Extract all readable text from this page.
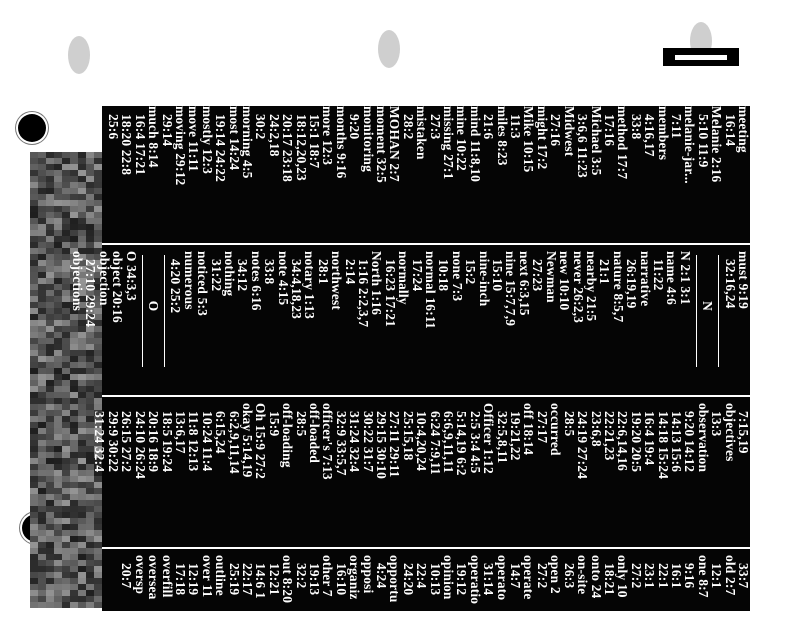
meeting
16:14
Melanie 2:16
5:10 11:9
melanie-jar...
7:11
members
4:16,17
33:8
method 17:7
17:16
Michael 3:5
3:6,6 11:23
Midwest
27:16
might 17:2
Mike 10:15
11:3
miles 8:23
21:6
mind 11:8,10
mine 10:22
missing 27:1
27:3
mistaken
28:2
MOHAN 2:7
moment 32:5
monitoring
9:20
months 9:16
more 12:3
15:1 18:7
18:12,20,23
20:17 23:18
24:2,18
30:2
morning 4:5
most 14:24
19:14 24:22
mostly 12:3
move 11:11
moving 29:12
29:14
much 8:14
16:4 17:21
18:20 22:8
25:6
must 9:19
32:16,24
N
N 2:1 3:1
name 4:6
11:22
narrative
26:19,19
nature 8:5,7
21:1
nearby 21:5
never 26:2,3
new 10:10
Newman
27:23
next 6:3,15
nine 15:7,7,9
15:10
nine-inch
15:2
none 7:3
10:18
normal 16:11
17:24
normally
16:23 17:21
North 1:16
1:16 2:2,3,7
2:14
northwest
28:1
notary 1:13
34:4,18,23
note 4:15
33:8
notes 6:16
34:12
nothing
31:22
noticed 5:3
numerous
4:20 25:2
O
O 34:3,3
object 20:16
objection
27:10 29:24
objections
7:15,19
objectives
13:3
observation
9:20 14:12
14:13 15:6
14:18 15:24
16:4 19:4
19:20 20:5
22:6,14,16
22:21,23
23:6,8
24:19 27:24
28:5
occurred
27:17
off 18:14
19:21,22
32:5,8,11
Officer 1:12
2:5 3:4 4:5
5:14,19 6:2
6:6,9,11,11
6:24 7:9,11
10:4,20,24
25:15,18
27:11 29:11
29:15 30:10
30:22 31:7
31:24 32:4
32:9 33:5,7
officer's 7:13
off-loaded
28:5
off-loading
15:9
Oh 15:9 27:2
okay 5:14,19
6:2,9,11,14
6:15,24
10:24 11:4
11:8 12:13
13:6,17
18:5 19:24
20:16 18:9
24:10 26:24
26:15 27:2
29:9 30:22
31:24 32:4
33:7
old 2:7
12:1
one 8:7
9:16
16:1
22:1
23:1
27:2
only 10
18:21
onto 24
on-site
26:3
open 2
27:2
operate
14:7
operato
31:14
operatio
19:12
opinion
10:13
22:4
24:20
opportu
4:24
opposi
organiz
16:10
other 7
19:13
32:2
out 8:20
12:21
14:6 1
22:17
25:19
outline
over 11
12:19
17:18
overfill
oversea
oversp
20:7
